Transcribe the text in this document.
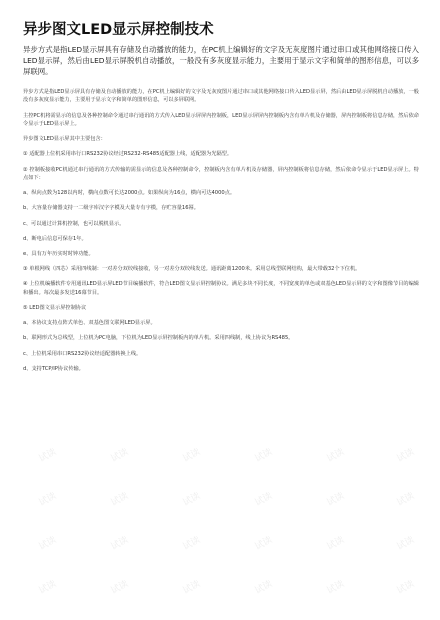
异步图文LED显示屏控制技术
异步方式是指LED显示屏具有存储及自动播放的能力，在PC机上编辑好的文字及无灰度图片通过串口或其他网络接口传入LED显示屏，然后由LED显示屏脱机自动播放，一般没有多灰度显示能力，主要用于显示文字和简单的图形信息，可以多屏联网。

异步方式是指LED显示屏具有存储及自动播放的能力，在PC机上编辑好的文字及无灰度图片通过串口或其他网络接口传入LED显示屏，然后由LED显示屏脱机自动播放，一般没有多灰度显示能力，主要用于显示文字和简单的图形信息，可以多屏联网。

主控PC机将需显示的信息及各种控制命令通过串行通讯的方式传入LED显示屏屏内控制板，LED显示屏屏内控制板内含有单片机及存储器，屏内控制板将信息存储，然后依命令显示于LED显示屏上。

异步图文LED显示屏其中主要包含：

① 适配器上位机采用串行口RS232协议经过RS232-RS485适配器上线，适配器为光隔型。

② 控制板接收PC机通过串行通讯的方式传输的需显示的信息及各种控制命令，控制板内含有单片机及存储器，屏内控制板将信息存储，然后依命令显示于LED显示屏上。特点如下：

a、纵向点数为128以内时，横向点数可长达2000点。如果纵向为16点，横向可达4000点。

b、大容量存储器支持一二级字库汉字字模及大量专有字模，存贮容量16幂。

c、可以通过计算机控制，也可以脱机显示。

d、断电后信息可保存1年。

e、具有万年历实时时钟功能。

③ 单根网线（四芯）采用四线制：一对差分双绞线接收，另一对差分双绞线发送。通讯距离1200米。采用总线型联网结构，最大带载32个下位机。

④ 上位机编播软件专用通讯LED显示屏LED节目编播软件，符合LED图文显示屏控制协议。满足多块不同长度，不同宽度的单色或双基色LED显示屏的文字和图像节目的编辑和播出。每次最多发送16幕节目。

⑤ LED图文显示屏控制协议

a、本协议支持点阵式单色、双基色图文联网LED显示屏。

b、联网形式为总线型，上位机为PC电脑，下位机为LED显示屏控制板内的单片机。采用四线制，线上协议为RS485。

c、上位机采用串口RS232协议经适配器转换上线。

d、支持TCP/IP协议传输。

试读	试读	试读	试读	试读	试读
试读	试读	试读	试读	试读	试读
试读	试读	试读	试读	试读	试读
试读	试读	试读	试读	试读	试读
